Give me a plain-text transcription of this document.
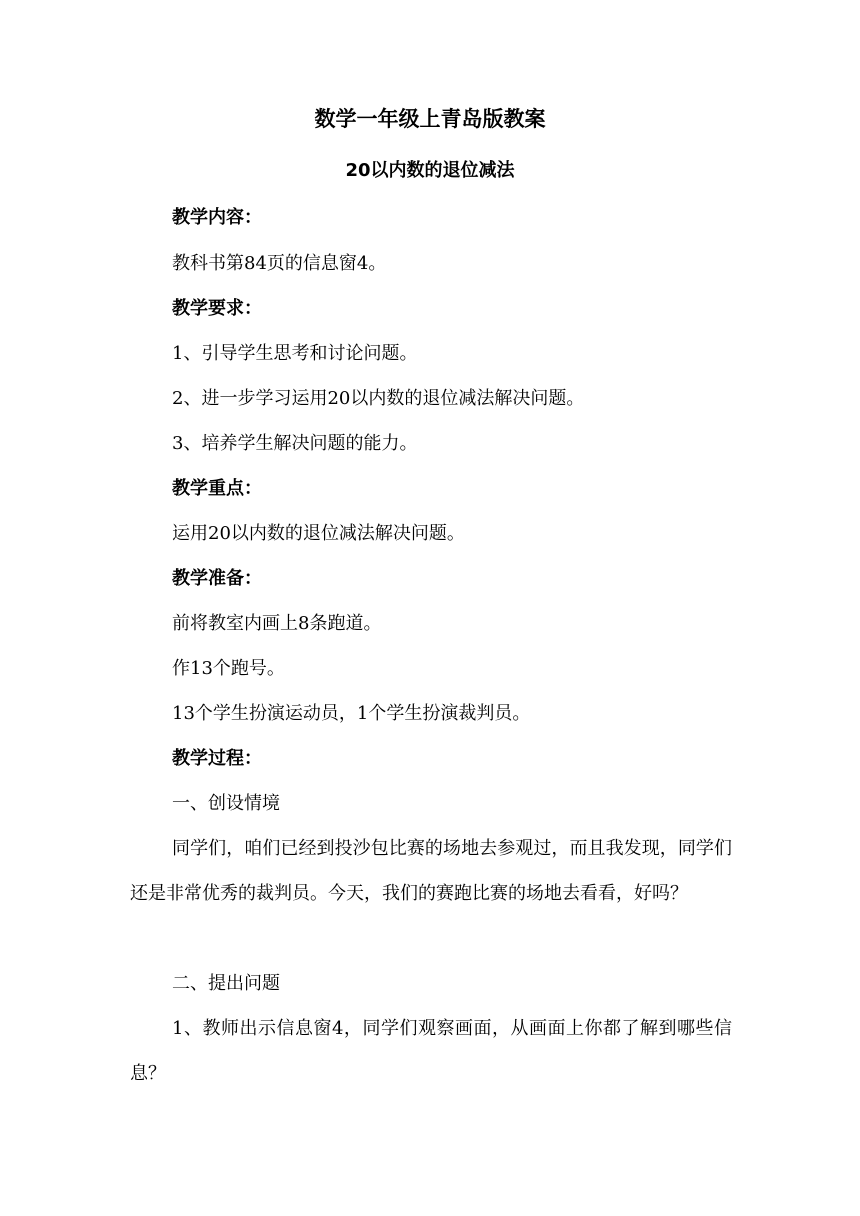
数学一年级上青岛版教案
20以内数的退位减法
教学内容：
教科书第84页的信息窗4。
教学要求：
1、引导学生思考和讨论问题。
2、进一步学习运用20以内数的退位减法解决问题。
3、培养学生解决问题的能力。
教学重点：
运用20以内数的退位减法解决问题。
教学准备：
前将教室内画上8条跑道。
作13个跑号。
13个学生扮演运动员，1个学生扮演裁判员。
教学过程：
一、创设情境
同学们，咱们已经到投沙包比赛的场地去参观过，而且我发现，同学们还是非常优秀的裁判员。今天，我们的赛跑比赛的场地去看看，好吗？
二、提出问题
1、教师出示信息窗4，同学们观察画面，从画面上你都了解到哪些信息？
